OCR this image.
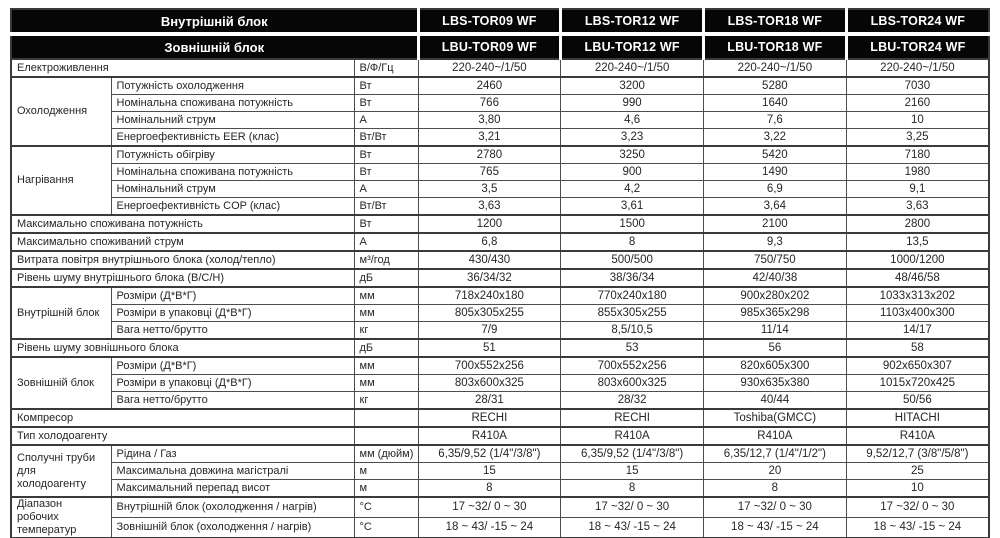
Внутрішній блок			LBS-TOR09 WF	LBS-TOR12 WF	LBS-TOR18 WF	LBS-TOR24 WF
Зовнішній блок			LBU-TOR09 WF	LBU-TOR12 WF	LBU-TOR18 WF	LBU-TOR24 WF
Електроживлення		В/Ф/Гц	220-240~/1/50	220-240~/1/50	220-240~/1/50	220-240~/1/50
Охолодження	Потужність охолодження	Вт	2460	3200	5280	7030
	Номінальна споживана потужність	Вт	766	990	1640	2160
	Номінальний струм	А	3,80	4,6	7,6	10
	Енергоефективність EER (клас)	Вт/Вт	3,21	3,23	3,22	3,25
Нагрівання	Потужність обігріву	Вт	2780	3250	5420	7180
	Номінальна споживана потужність	Вт	765	900	1490	1980
	Номінальний струм	А	3,5	4,2	6,9	9,1
	Енергоефективність COP (клас)	Вт/Вт	3,63	3,61	3,64	3,63
Максимально споживана потужність		Вт	1200	1500	2100	2800
Максимально споживаний струм		А	6,8	8	9,3	13,5
Витрата повітря внутрішнього блока (холод/тепло)		м³/год	430/430	500/500	750/750	1000/1200
Рівень шуму внутрішнього блока (В/С/Н)		дБ	36/34/32	38/36/34	42/40/38	48/46/58
Внутрішній блок	Розміри (Д*В*Г)	мм	718x240x180	770x240x180	900x280x202	1033x313x202
	Розміри в упаковці (Д*В*Г)	мм	805x305x255	855x305x255	985x365x298	1103x400x300
	Вага нетто/брутто	кг	7/9	8,5/10,5	11/14	14/17
Рівень шуму зовнішнього блока		дБ	51	53	56	58
Зовнішній блок	Розміри (Д*В*Г)	мм	700x552x256	700x552x256	820x605x300	902x650x307
	Розміри в упаковці (Д*В*Г)	мм	803x600x325	803x600x325	930x635x380	1015x720x425
	Вага нетто/брутто	кг	28/31	28/32	40/44	50/56
Компресор			RECHI	RECHI	Toshiba(GMCC)	HITACHI
Тип холодоагенту			R410A	R410A	R410A	R410A
Сполучні труби для холодоагенту	Рідина / Газ	мм (дюйм)	6,35/9,52 (1/4"/3/8")	6,35/9,52 (1/4"/3/8")	6,35/12,7 (1/4"/1/2")	9,52/12,7 (3/8"/5/8")
	Максимальна довжина магістралі	м	15	15	20	25
	Максимальний перепад висот	м	8	8	8	10
Діапазон робочих температур	Внутрішній блок (охолодження / нагрів)	°С	17 ~32/ 0 ~ 30	17 ~32/ 0 ~ 30	17 ~32/ 0 ~ 30	17 ~32/ 0 ~ 30
	Зовнішній блок (охолодження / нагрів)	°С	18 ~ 43/ -15 ~ 24	18 ~ 43/ -15 ~ 24	18 ~ 43/ -15 ~ 24	18 ~ 43/ -15 ~ 24
